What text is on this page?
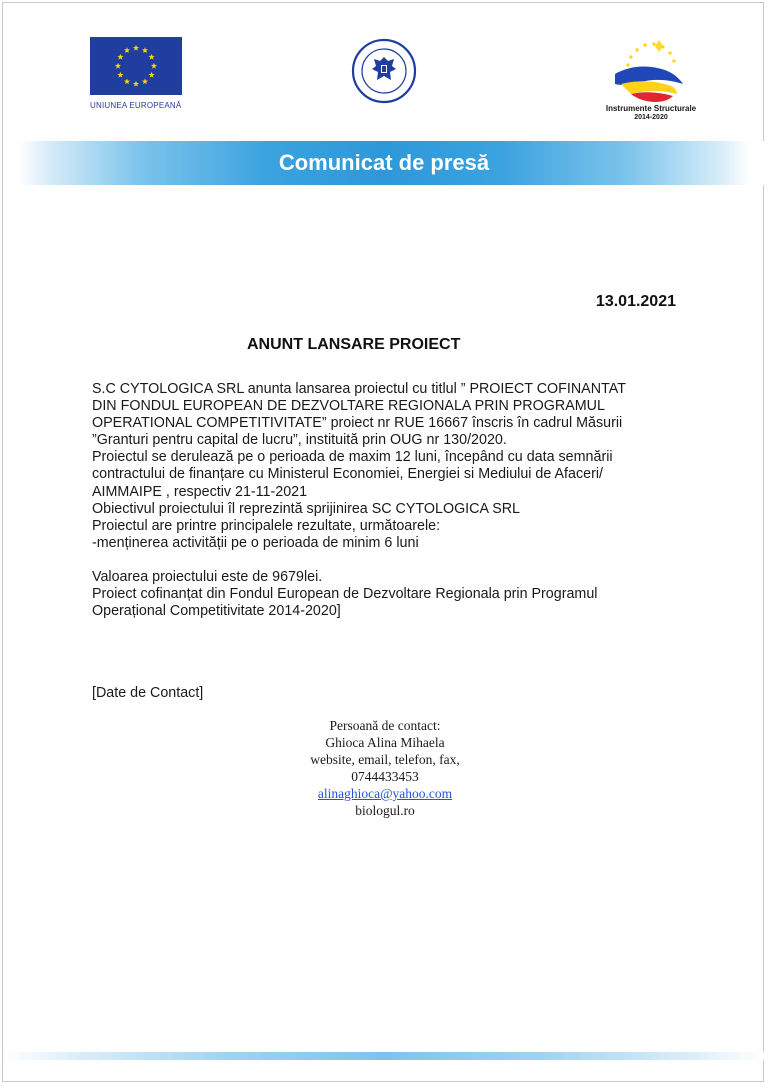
UNIUNEA EUROPEANĂ	Instrumente Structurale
2014-2020
Comunicat de presă
13.01.2021
ANUNT LANSARE PROIECT
S.C CYTOLOGICA SRL anunta lansarea proiectul cu titlul ” PROIECT COFINANTAT
DIN FONDUL EUROPEAN DE DEZVOLTARE REGIONALA PRIN PROGRAMUL
OPERATIONAL COMPETITIVITATE” proiect nr RUE 16667 înscris în cadrul Măsurii
”Granturi pentru capital de lucru”, instituită prin OUG nr 130/2020.
Proiectul se derulează pe o perioada de maxim 12 luni, începând cu data semnării
contractului de finanțare cu Ministerul Economiei, Energiei si Mediului de Afaceri/
AIMMAIPE , respectiv 21-11-2021
Obiectivul proiectului îl reprezintă sprijinirea SC CYTOLOGICA SRL
Proiectul are printre principalele rezultate, următoarele:
-menținerea activității pe o perioada de minim 6 luni
Valoarea proiectului este de 9679lei.
Proiect cofinanțat din Fondul European de Dezvoltare Regionala prin Programul
Operațional Competitivitate 2014-2020]
[Date de Contact]
Persoană de contact:
Ghioca Alina Mihaela
website, email, telefon, fax,
0744433453
alinaghioca@yahoo.com
biologul.ro
